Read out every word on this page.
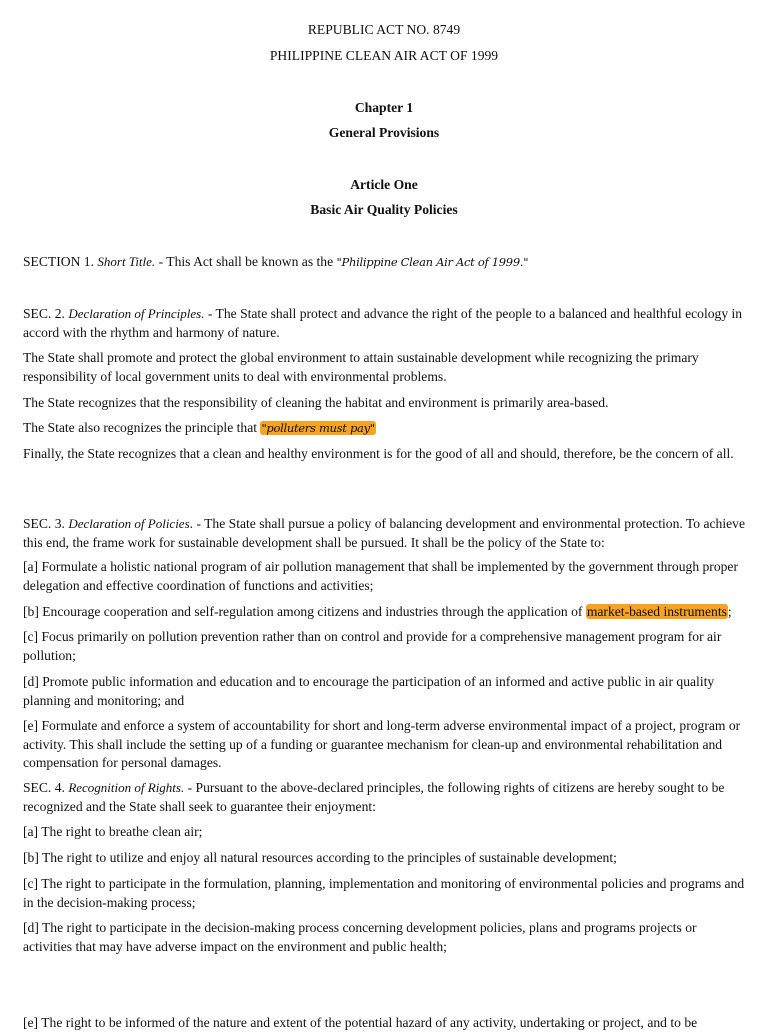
REPUBLIC ACT NO. 8749
PHILIPPINE CLEAN AIR ACT OF 1999
Chapter 1
General Provisions
Article One
Basic Air Quality Policies

SECTION 1. Short Title. - This Act shall be known as the "Philippine Clean Air Act of 1999."

SEC. 2. Declaration of Principles. - The State shall protect and advance the right of the people to a balanced and healthful ecology in accord with the rhythm and harmony of nature.

The State shall promote and protect the global environment to attain sustainable development while recognizing the primary responsibility of local government units to deal with environmental problems.

The State recognizes that the responsibility of cleaning the habitat and environment is primarily area-based.

The State also recognizes the principle that "polluters must pay"

Finally, the State recognizes that a clean and healthy environment is for the good of all and should, therefore, be the concern of all.

SEC. 3. Declaration of Policies. - The State shall pursue a policy of balancing development and environmental protection. To achieve this end, the frame work for sustainable development shall be pursued. It shall be the policy of the State to:

[a] Formulate a holistic national program of air pollution management that shall be implemented by the government through proper delegation and effective coordination of functions and activities;

[b] Encourage cooperation and self-regulation among citizens and industries through the application of market-based instruments;

[c] Focus primarily on pollution prevention rather than on control and provide for a comprehensive management program for air pollution;

[d] Promote public information and education and to encourage the participation of an informed and active public in air quality planning and monitoring; and

[e] Formulate and enforce a system of accountability for short and long-term adverse environmental impact of a project, program or activity. This shall include the setting up of a funding or guarantee mechanism for clean-up and environmental rehabilitation and compensation for personal damages.

SEC. 4. Recognition of Rights. - Pursuant to the above-declared principles, the following rights of citizens are hereby sought to be recognized and the State shall seek to guarantee their enjoyment:

[a] The right to breathe clean air;

[b] The right to utilize and enjoy all natural resources according to the principles of sustainable development;

[c] The right to participate in the formulation, planning, implementation and monitoring of environmental policies and programs and in the decision-making process;

[d] The right to participate in the decision-making process concerning development policies, plans and programs projects or activities that may have adverse impact on the environment and public health;

[e] The right to be informed of the nature and extent of the potential hazard of any activity, undertaking or project, and to be
